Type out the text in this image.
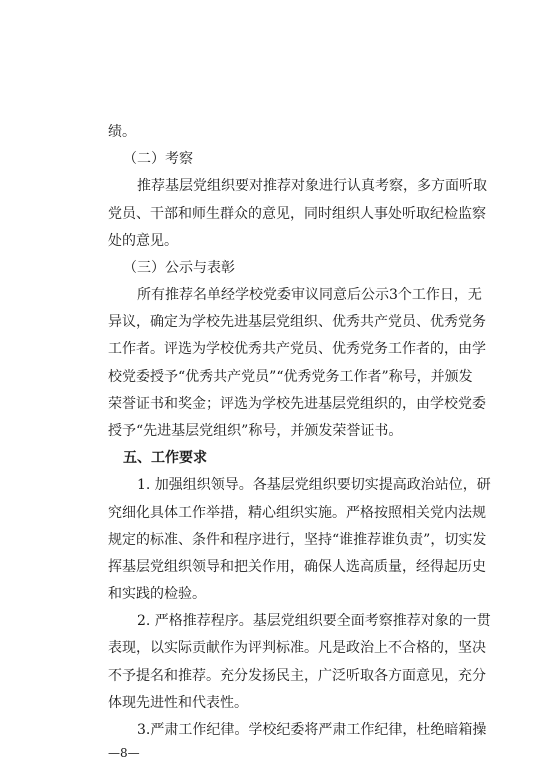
绩。
（二）考察
推荐基层党组织要对推荐对象进行认真考察，多方面听取
党员、干部和师生群众的意见，同时组织人事处听取纪检监察
处的意见。
（三）公示与表彰
所有推荐名单经学校党委审议同意后公示3个工作日，无
异议，确定为学校先进基层党组织、优秀共产党员、优秀党务
工作者。评选为学校优秀共产党员、优秀党务工作者的，由学
校党委授予“优秀共产党员”“优秀党务工作者”称号，并颁发
荣誉证书和奖金；评选为学校先进基层党组织的，由学校党委
授予“先进基层党组织”称号，并颁发荣誉证书。
五、工作要求
1. 加强组织领导。各基层党组织要切实提高政治站位，研
究细化具体工作举措，精心组织实施。严格按照相关党内法规
规定的标准、条件和程序进行，坚持“谁推荐谁负责”，切实发
挥基层党组织领导和把关作用，确保人选高质量，经得起历史
和实践的检验。
2. 严格推荐程序。基层党组织要全面考察推荐对象的一贯
表现，以实际贡献作为评判标准。凡是政治上不合格的，坚决
不予提名和推荐。充分发扬民主，广泛听取各方面意见，充分
体现先进性和代表性。
3.严肃工作纪律。学校纪委将严肃工作纪律，杜绝暗箱操
—8—
